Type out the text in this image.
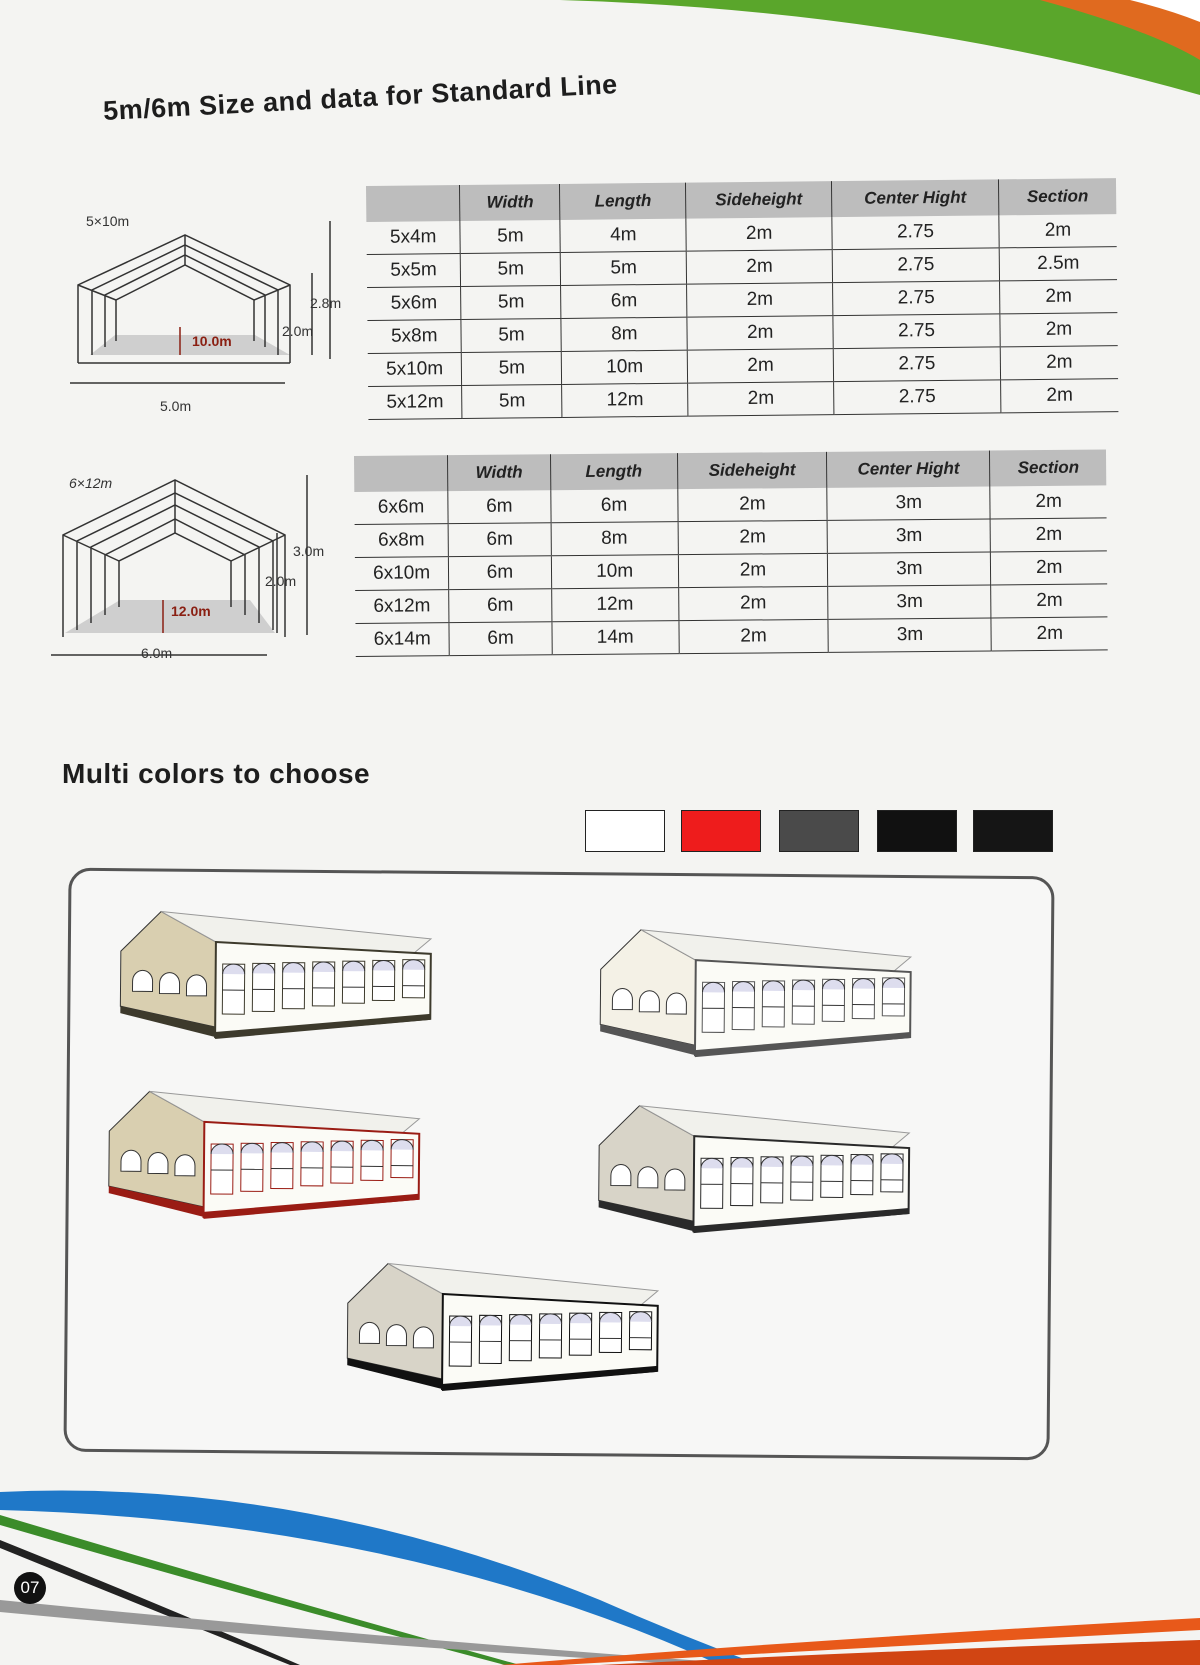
5m/6m Size and data for Standard Line
5×10m
10.0m
5.0m
2.0m
2.8m
	Width	Length	Sideheight	Center Hight	Section
5x4m	5m	4m	2m	2.75	2m
5x5m	5m	5m	2m	2.75	2.5m
5x6m	5m	6m	2m	2.75	2m
5x8m	5m	8m	2m	2.75	2m
5x10m	5m	10m	2m	2.75	2m
5x12m	5m	12m	2m	2.75	2m
6×12m
12.0m
6.0m
2.0m
3.0m
	Width	Length	Sideheight	Center Hight	Section
6x6m	6m	6m	2m	3m	2m
6x8m	6m	8m	2m	3m	2m
6x10m	6m	10m	2m	3m	2m
6x12m	6m	12m	2m	3m	2m
6x14m	6m	14m	2m	3m	2m
Multi colors to choose
07
